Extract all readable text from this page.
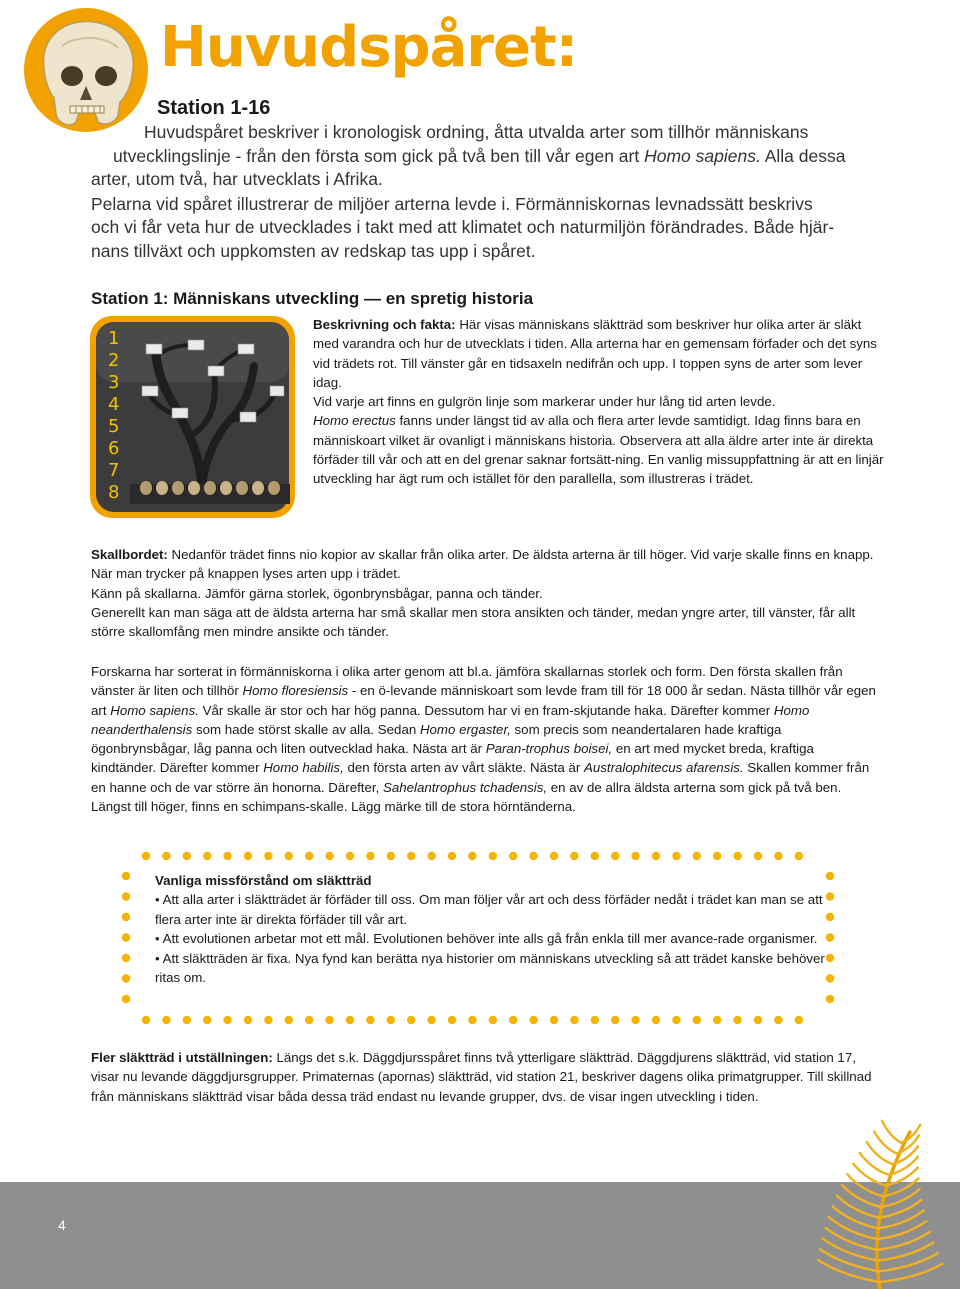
Huvudspåret:
Station 1-16
Huvudspåret beskriver i kronologisk ordning, åtta utvalda arter som tillhör människans
utvecklingslinje - från den första som gick på två ben till vår egen art Homo sapiens. Alla dessa
arter, utom två, har utvecklats i Afrika.
Pelarna vid spåret illustrerar de miljöer arterna levde i. Förmänniskornas levnadssätt beskrivs
och vi får veta hur de utvecklades i takt med att klimatet och naturmiljön förändrades. Både hjär-
nans tillväxt och uppkomsten av redskap tas upp i spåret.
Station 1: Människans utveckling — en spretig historia
1
2
3
4
5
6
7
8
Beskrivning och fakta: Här visas människans släktträd som beskriver hur olika arter är släkt med varandra och hur de utvecklats i tiden. Alla arterna har en gemensam förfader och det syns vid trädets rot. Till vänster går en tidsaxeln nedifrån och upp. I toppen syns de arter som lever idag.
Vid varje art finns en gulgrön linje som markerar under hur lång tid arten levde.
Homo erectus fanns under längst tid av alla och flera arter levde samtidigt. Idag finns bara en människoart vilket är ovanligt i människans historia. Observera att alla äldre arter inte är direkta förfäder till vår och att en del grenar saknar fortsätt-ning. En vanlig missuppfattning är att en linjär utveckling har ägt rum och istället för den parallella, som illustreras i trädet.
Skallbordet: Nedanför trädet finns nio kopior av skallar från olika arter. De äldsta arterna är till höger. Vid varje skalle finns en knapp. När man trycker på knappen lyses arten upp i trädet.
Känn på skallarna. Jämför gärna storlek, ögonbrynsbågar, panna och tänder.
Generellt kan man säga att de äldsta arterna har små skallar men stora ansikten och tänder, medan yngre arter, till vänster, får allt större skallomfång men mindre ansikte och tänder.
Forskarna har sorterat in förmänniskorna i olika arter genom att bl.a. jämföra skallarnas storlek och form. Den första skallen från vänster är liten och tillhör Homo floresiensis - en ö-levande människoart som levde fram till för 18 000 år sedan. Nästa tillhör vår egen art Homo sapiens. Vår skalle är stor och har hög panna. Dessutom har vi en fram-skjutande haka. Därefter kommer Homo neanderthalensis som hade störst skalle av alla. Sedan Homo ergaster, som precis som neandertalaren hade kraftiga ögonbrynsbågar, låg panna och liten outvecklad haka. Nästa art är Paran-trophus boisei, en art med mycket breda, kraftiga kindtänder. Därefter kommer Homo habilis, den första arten av vårt släkte. Nästa är Australophitecus afarensis. Skallen kommer från en hanne och de var större än honorna. Därefter, Sahelantrophus tchadensis, en av de allra äldsta arterna som gick på två ben. Längst till höger, finns en schimpans-skalle. Lägg märke till de stora hörntänderna.
Vanliga missförstånd om släktträd

• Att alla arter i släktträdet är förfäder till oss. Om man följer vår art och dess förfäder nedåt i trädet kan man se att flera arter inte är direkta förfäder till vår art.

• Att evolutionen arbetar mot ett mål. Evolutionen behöver inte alls gå från enkla till mer avance-rade organismer.

• Att släktträden är fixa. Nya fynd kan berätta nya historier om människans utveckling så att trädet kanske behöver ritas om.

Fler släktträd i utställningen: Längs det s.k. Däggdjursspåret finns två ytterligare släktträd. Däggdjurens släktträd, vid station 17, visar nu levande däggdjursgrupper. Primaternas (apornas) släktträd, vid station 21, beskriver dagens olika primatgrupper. Till skillnad från människans släktträd visar båda dessa träd endast nu levande grupper, dvs. de visar ingen utveckling i tiden.
4
